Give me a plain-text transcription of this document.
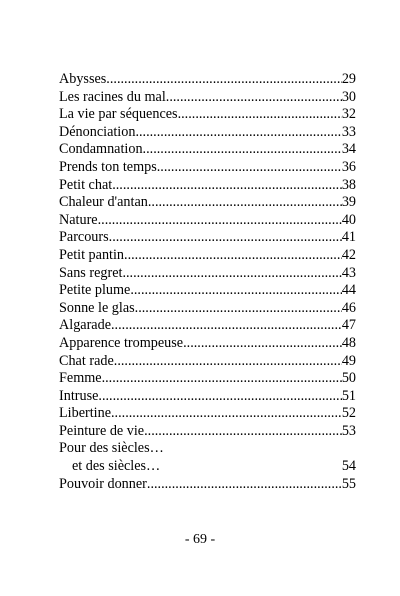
Abysses .....	29
Les racines du mal .....	30
La vie par séquences .....	32
Dénonciation .....	33
Condamnation .....	34
Prends ton temps .....	36
Petit chat .....	38
Chaleur d'antan .....	39
Nature .....	40
Parcours .....	41
Petit pantin .....	42
Sans regret .....	43
Petite plume .....	44
Sonne le glas .....	46
Algarade .....	47
Apparence trompeuse .....	48
Chat rade .....	49
Femme .....	50
Intruse .....	51
Libertine .....	52
Peinture de vie .....	53
Pour des siècles…
et des siècles…	54
Pouvoir donner .....	55
- 69 -
